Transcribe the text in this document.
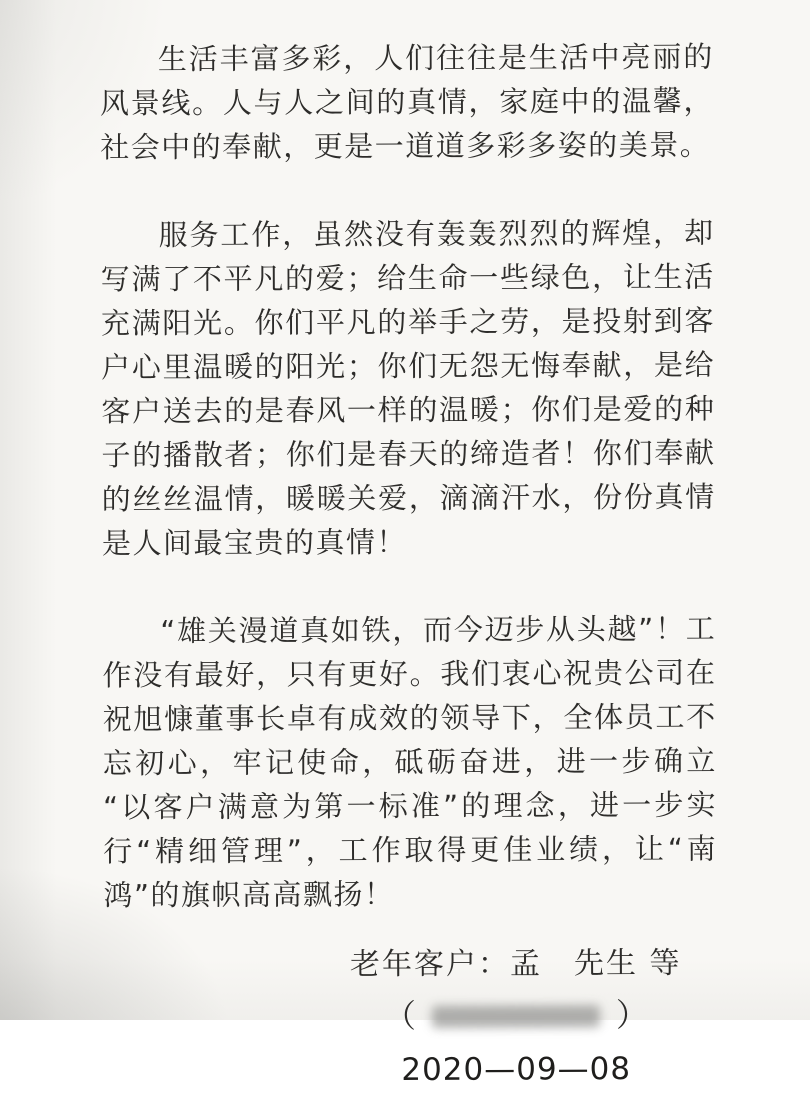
生活丰富多彩，人们往往是生活中亮丽的风景线。人与人之间的真情，家庭中的温馨，社会中的奉献，更是一道道多彩多姿的美景。

服务工作，虽然没有轰轰烈烈的辉煌，却写满了不平凡的爱；给生命一些绿色，让生活充满阳光。你们平凡的举手之劳，是投射到客户心里温暖的阳光；你们无怨无悔奉献，是给客户送去的是春风一样的温暖；你们是爱的种子的播散者；你们是春天的缔造者！你们奉献的丝丝温情，暖暖关爱，滴滴汗水，份份真情是人间最宝贵的真情！

“雄关漫道真如铁，而今迈步从头越”！工作没有最好，只有更好。我们衷心祝贵公司在祝旭慷董事长卓有成效的领导下，全体员工不忘初心，牢记使命，砥砺奋进，进一步确立 “以客户满意为第一标准”的理念，进一步实行“精细管理”，工作取得更佳业绩，让“南鸿”的旗帜高高飘扬！

老年客户：孟　先生 等
（	）
2020—09—08
